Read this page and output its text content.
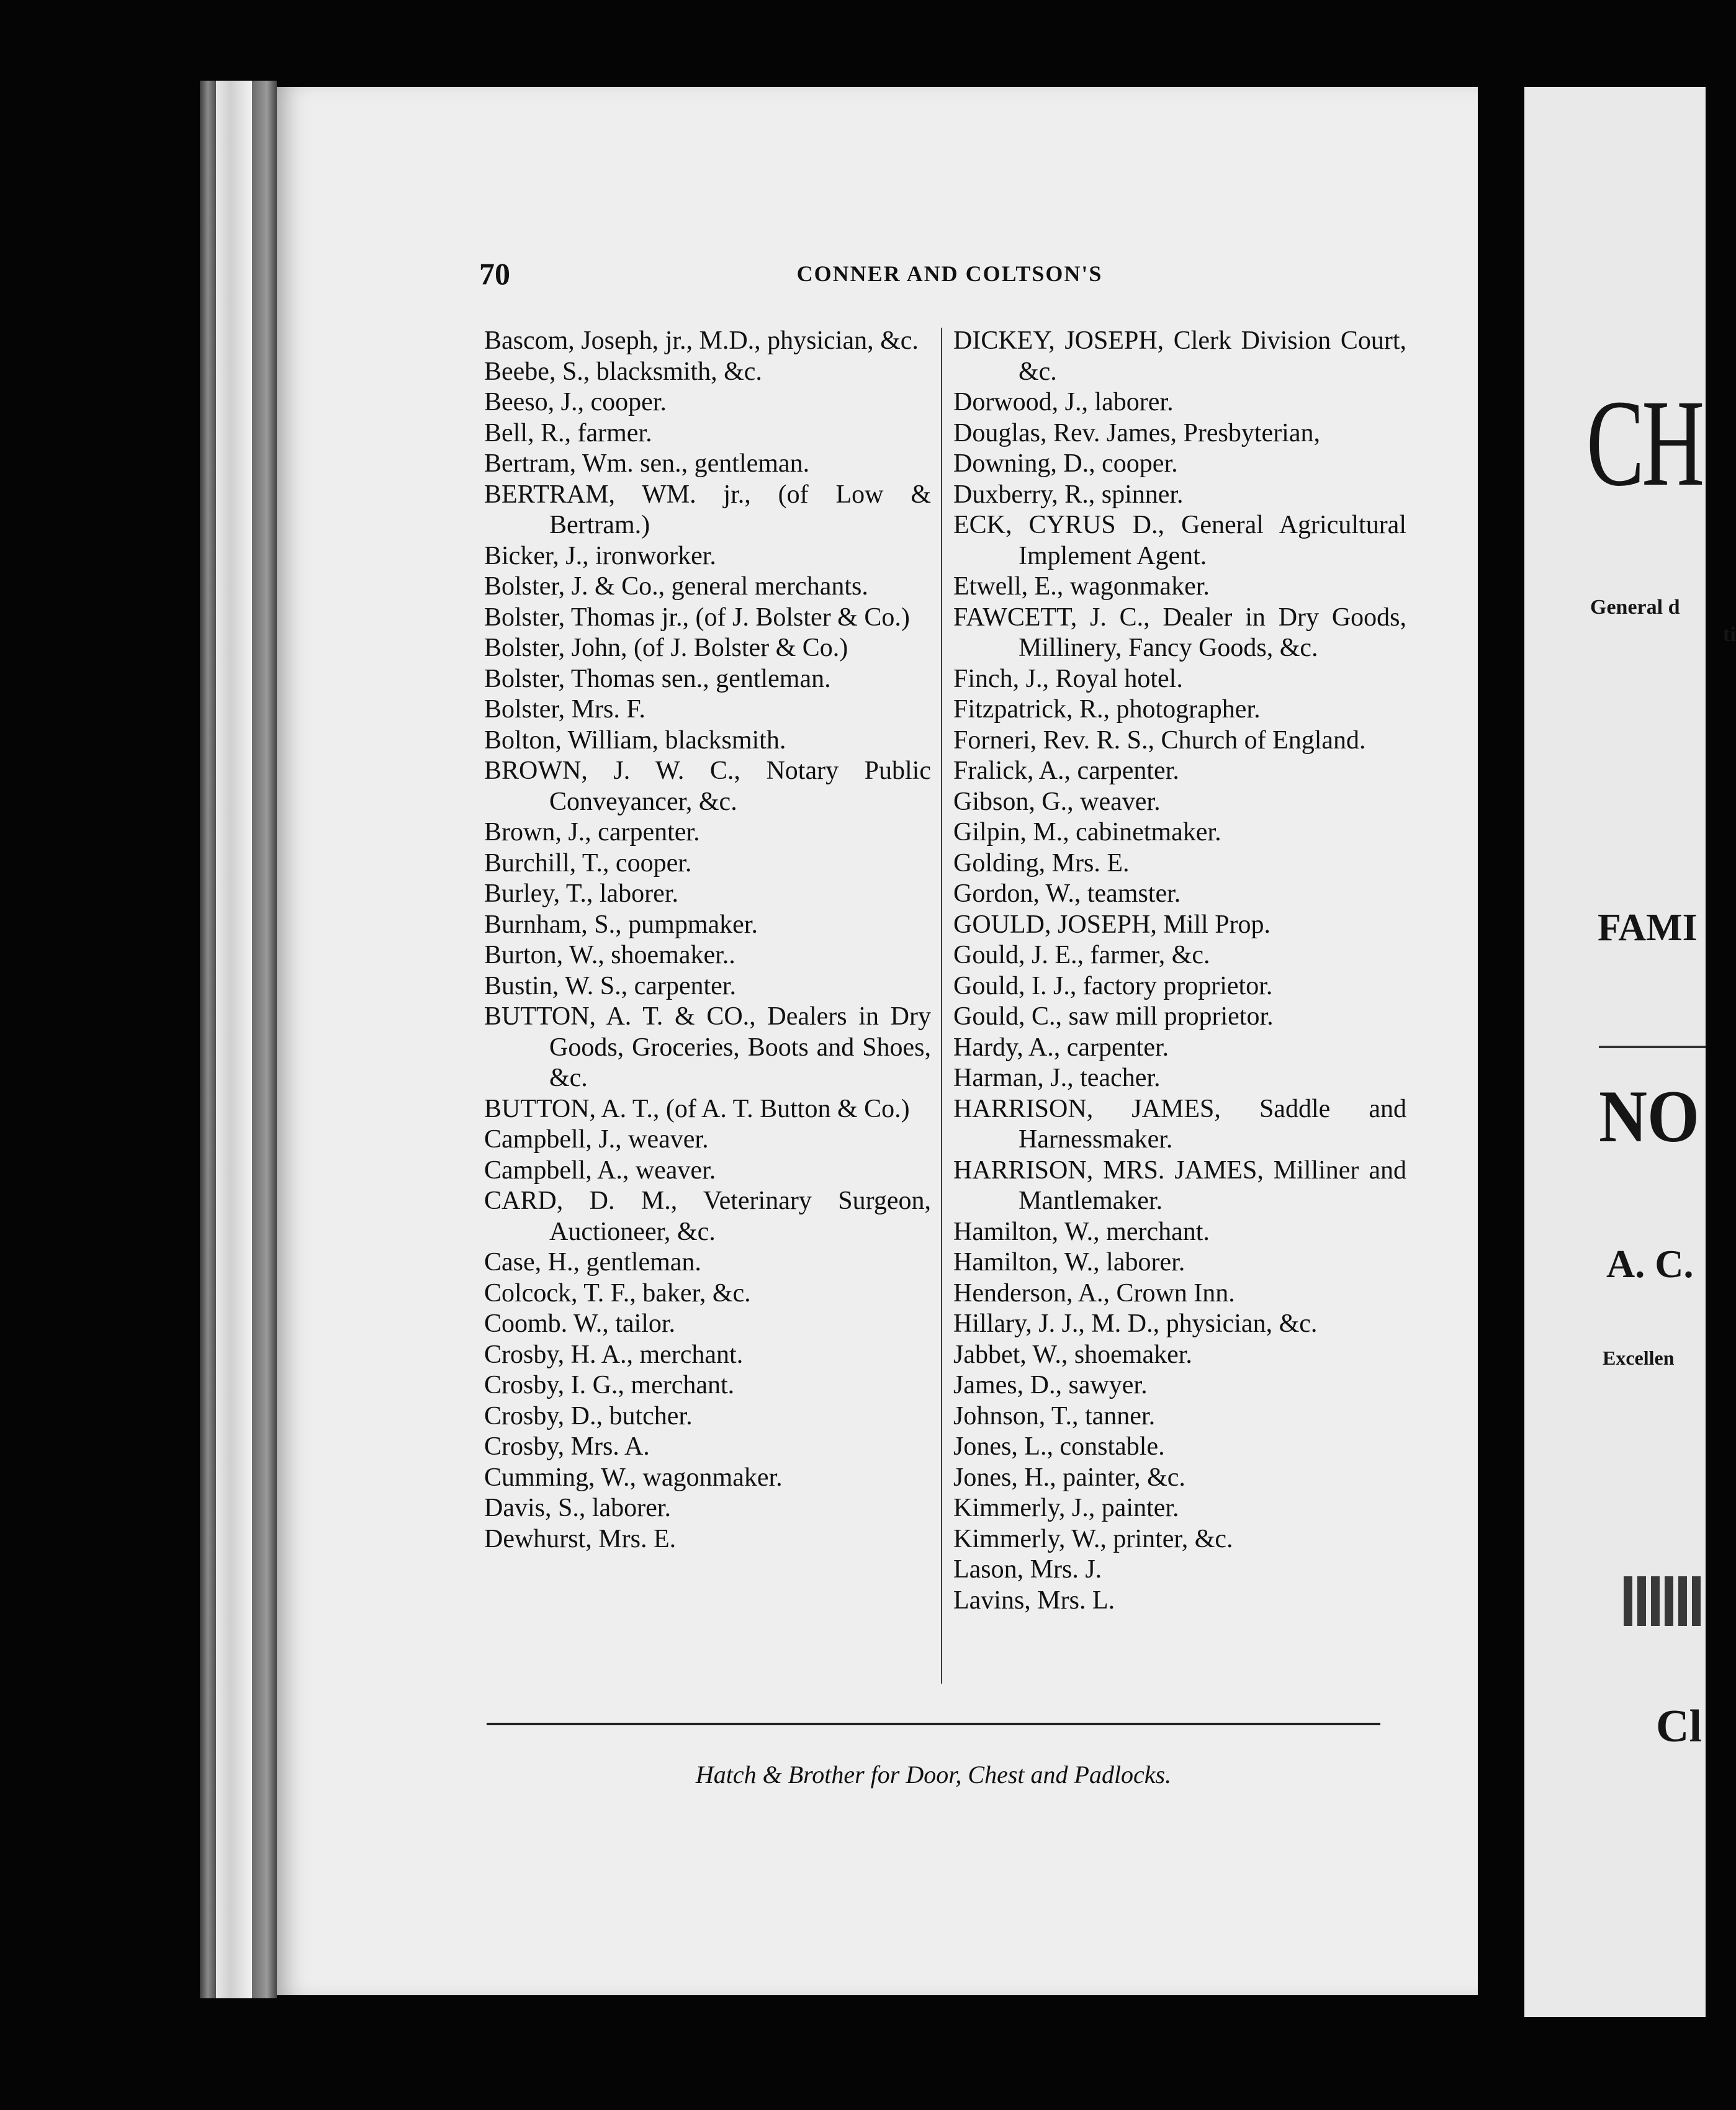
70	CONNER AND COLTSON'S
Bascom, Joseph, jr., M.D., physician, &c.
Beebe, S., blacksmith, &c.
Beeso, J., cooper.
Bell, R., farmer.
Bertram, Wm. sen., gentleman.
BERTRAM, WM. jr., (of Low & Bertram.)
Bicker, J., ironworker.
Bolster, J. & Co., general merchants.
Bolster, Thomas jr., (of J. Bolster & Co.)
Bolster, John, (of J. Bolster & Co.)
Bolster, Thomas sen., gentleman.
Bolster, Mrs. F.
Bolton, William, blacksmith.
BROWN, J. W. C., Notary Public Conveyancer, &c.
Brown, J., carpenter.
Burchill, T., cooper.
Burley, T., laborer.
Burnham, S., pumpmaker.
Burton, W., shoemaker..
Bustin, W. S., carpenter.
BUTTON, A. T. & CO., Dealers in Dry Goods, Groceries, Boots and Shoes, &c.
BUTTON, A. T., (of A. T. Button & Co.)
Campbell, J., weaver.
Campbell, A., weaver.
CARD, D. M., Veterinary Surgeon, Auctioneer, &c.
Case, H., gentleman.
Colcock, T. F., baker, &c.
Coomb. W., tailor.
Crosby, H. A., merchant.
Crosby, I. G., merchant.
Crosby, D., butcher.
Crosby, Mrs. A.
Cumming, W., wagonmaker.
Davis, S., laborer.
Dewhurst, Mrs. E.
DICKEY, JOSEPH, Clerk Division Court, &c.
Dorwood, J., laborer.
Douglas, Rev. James, Presbyterian,
Downing, D., cooper.
Duxberry, R., spinner.
ECK, CYRUS D., General Agricultural Implement Agent.
Etwell, E., wagonmaker.
FAWCETT, J. C., Dealer in Dry Goods, Millinery, Fancy Goods, &c.
Finch, J., Royal hotel.
Fitzpatrick, R., photographer.
Forneri, Rev. R. S., Church of England.
Fralick, A., carpenter.
Gibson, G., weaver.
Gilpin, M., cabinetmaker.
Golding, Mrs. E.
Gordon, W., teamster.
GOULD, JOSEPH, Mill Prop.
Gould, J. E., farmer, &c.
Gould, I. J., factory proprietor.
Gould, C., saw mill proprietor.
Hardy, A., carpenter.
Harman, J., teacher.
HARRISON, JAMES, Saddle and Harnessmaker.
HARRISON, MRS. JAMES, Milliner and Mantlemaker.
Hamilton, W., merchant.
Hamilton, W., laborer.
Henderson, A., Crown Inn.
Hillary, J. J., M. D., physician, &c.
Jabbet, W., shoemaker.
James, D., sawyer.
Johnson, T., tanner.
Jones, L., constable.
Jones, H., painter, &c.
Kimmerly, J., painter.
Kimmerly, W., printer, &c.
Lason, Mrs. J.
Lavins, Mrs. L.
Hatch & Brother for Door, Chest and Padlocks.
CH
General d
ti
FAMI
NO
A. C.
Excellen
Cl
